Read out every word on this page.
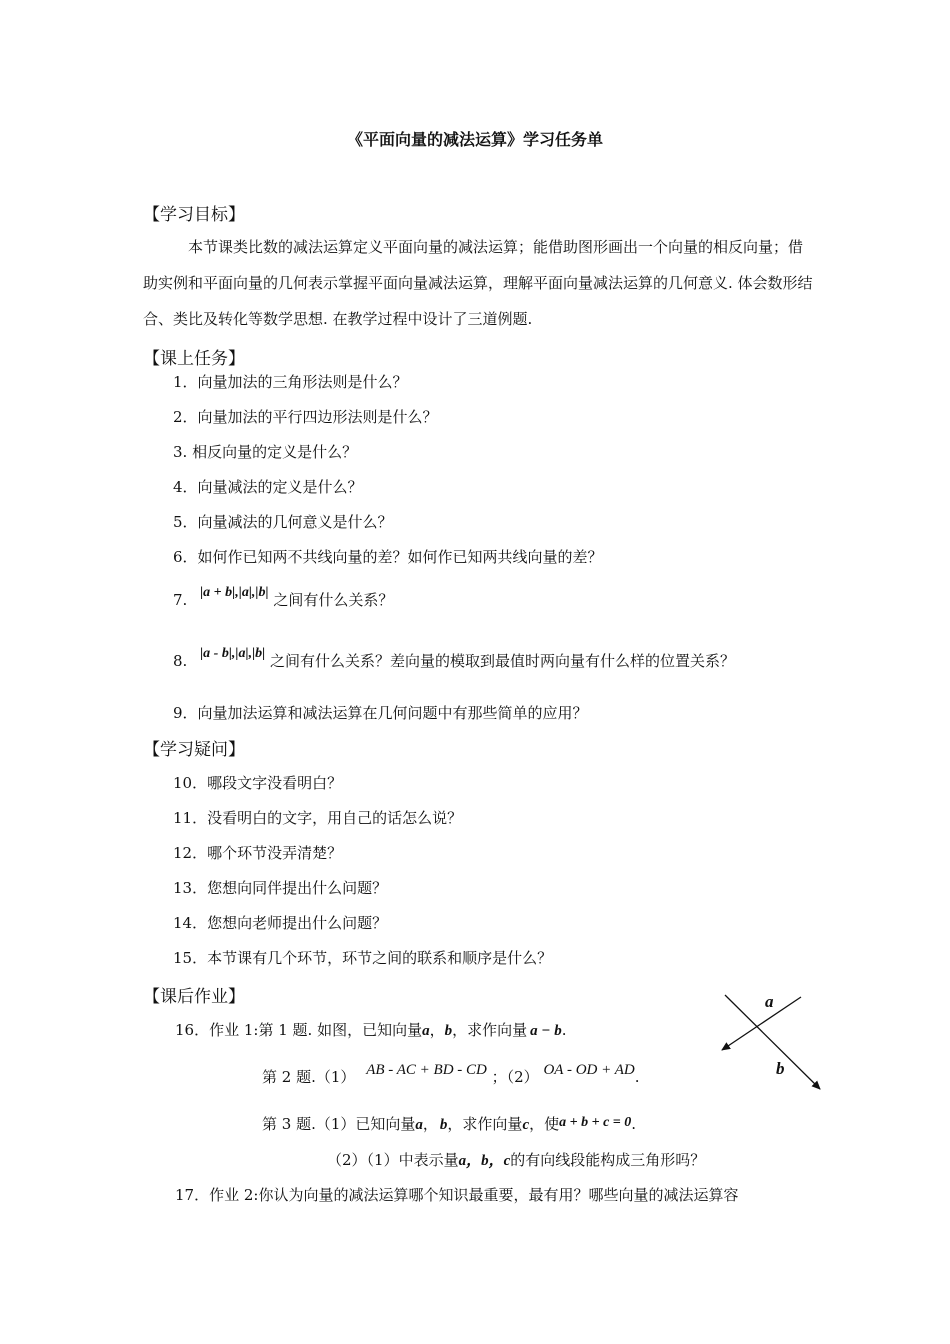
《平面向量的减法运算》学习任务单
【学习目标】
本节课类比数的减法运算定义平面向量的减法运算；能借助图形画出一个向量的相反向量；借助实例和平面向量的几何表示掌握平面向量减法运算，理解平面向量减法运算的几何意义. 体会数形结合、类比及转化等数学思想. 在教学过程中设计了三道例题.
【课上任务】
1．向量加法的三角形法则是什么？
2．向量加法的平行四边形法则是什么？
3. 相反向量的定义是什么？
4．向量减法的定义是什么？
5．向量减法的几何意义是什么？
6．如何作已知两不共线向量的差？如何作已知两共线向量的差？
7. |a + b|,|a|,|b| 之间有什么关系？
8. |a - b|,|a|,|b| 之间有什么关系？差向量的模取到最值时两向量有什么样的位置关系？
9．向量加法运算和减法运算在几何问题中有那些简单的应用？
【学习疑问】
10．哪段文字没看明白？
11．没看明白的文字，用自己的话怎么说？
12．哪个环节没弄清楚？
13．您想向同伴提出什么问题？
14．您想向老师提出什么问题？
15．本节课有几个环节，环节之间的联系和顺序是什么？
【课后作业】
16．作业 1:第 1 题. 如图，已知向量a，b，求作向量 a − b.
第 2 题.（1） AB - AC + BD - CD ；（2） OA - OD + AD.
第 3 题.（1）已知向量a， b，求作向量c，使a + b + c = 0.
（2）（1）中表示量a，b，c的有向线段能构成三角形吗？
17．作业 2:你认为向量的减法运算哪个知识最重要，最有用？哪些向量的减法运算容
a
b
